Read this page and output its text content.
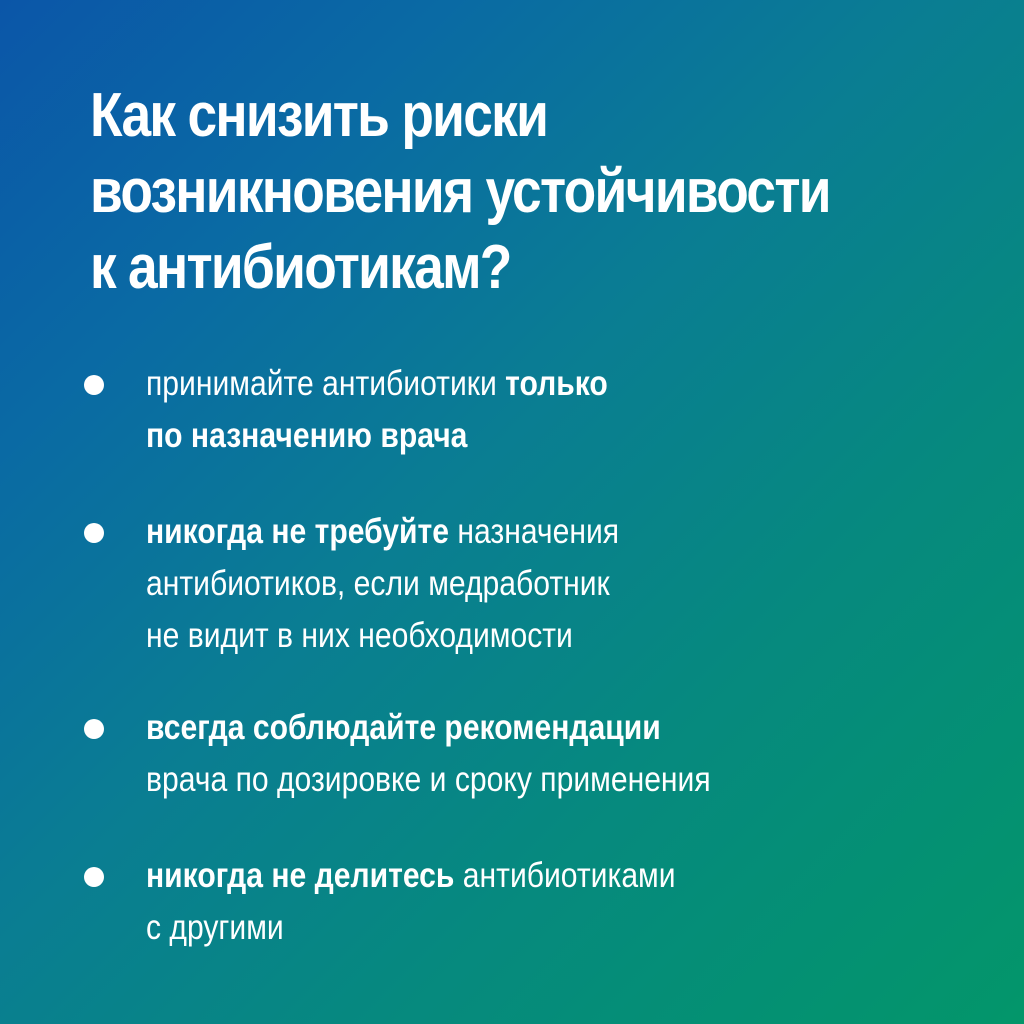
Как снизить риски
возникновения устойчивости
к антибиотикам?
принимайте антибиотики только
по назначению врача
никогда не требуйте назначения
антибиотиков, если медработник
не видит в них необходимости
всегда соблюдайте рекомендации
врача по дозировке и сроку применения
никогда не делитесь антибиотиками
с другими
